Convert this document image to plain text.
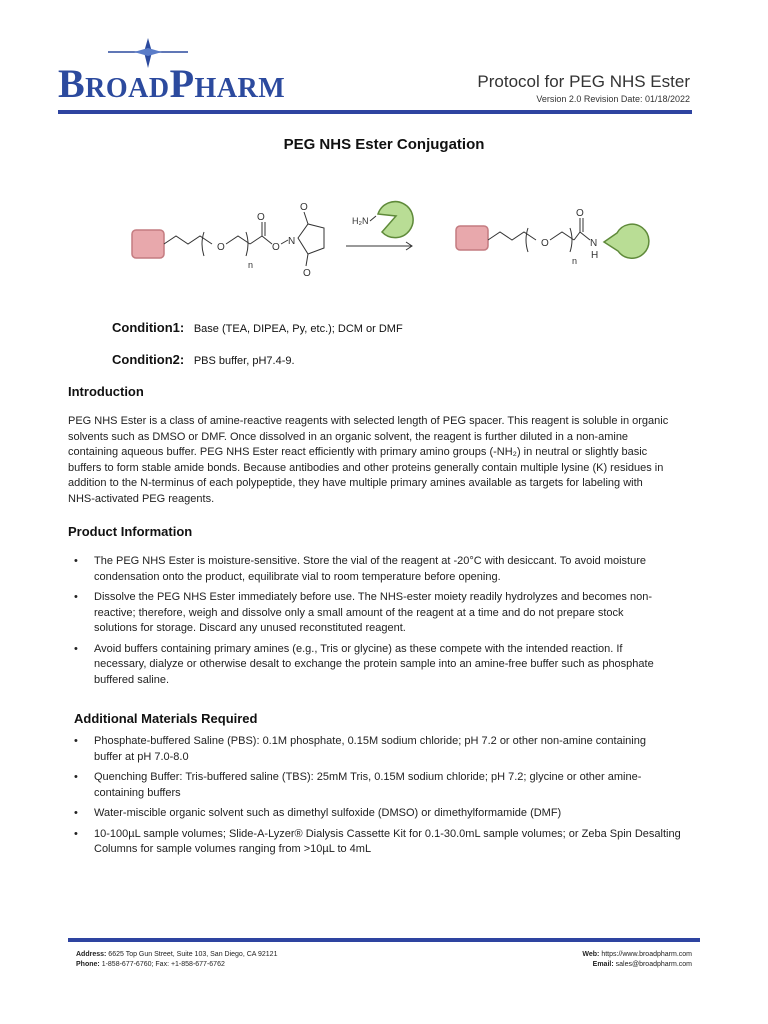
BroadPharm	Protocol for PEG NHS Ester
Version 2.0 Revision Date: 01/18/2022
PEG NHS Ester Conjugation
O
n
O
O
N
O
O
H₂N
O
n
O
N
H
Condition1: Base (TEA, DIPEA, Py, etc.); DCM or DMF
Condition2: PBS buffer, pH7.4-9.
Introduction
PEG NHS Ester is a class of amine-reactive reagents with selected length of PEG spacer. This reagent is soluble in organic
solvents such as DMSO or DMF. Once dissolved in an organic solvent, the reagent is further diluted in a non-amine
containing aqueous buffer. PEG NHS Ester react efficiently with primary amino groups (-NH₂) in neutral or slightly basic
buffers to form stable amide bonds. Because antibodies and other proteins generally contain multiple lysine (K) residues in
addition to the N-terminus of each polypeptide, they have multiple primary amines available as targets for labeling with
NHS-activated PEG reagents.
Product Information
• The PEG NHS Ester is moisture-sensitive. Store the vial of the reagent at -20°C with desiccant. To avoid moisture
condensation onto the product, equilibrate vial to room temperature before opening.
• Dissolve the PEG NHS Ester immediately before use. The NHS-ester moiety readily hydrolyzes and becomes non-
reactive; therefore, weigh and dissolve only a small amount of the reagent at a time and do not prepare stock
solutions for storage. Discard any unused reconstituted reagent.
• Avoid buffers containing primary amines (e.g., Tris or glycine) as these compete with the intended reaction. If
necessary, dialyze or otherwise desalt to exchange the protein sample into an amine-free buffer such as phosphate
buffered saline.
Additional Materials Required
• Phosphate-buffered Saline (PBS): 0.1M phosphate, 0.15M sodium chloride; pH 7.2 or other non-amine containing
buffer at pH 7.0-8.0
• Quenching Buffer: Tris-buffered saline (TBS): 25mM Tris, 0.15M sodium chloride; pH 7.2; glycine or other amine-
containing buffers
• Water-miscible organic solvent such as dimethyl sulfoxide (DMSO) or dimethylformamide (DMF)
• 10-100µL sample volumes; Slide-A-Lyzer® Dialysis Cassette Kit for 0.1-30.0mL sample volumes; or Zeba Spin Desalting
Columns for sample volumes ranging from >10µL to 4mL
Address: 6625 Top Gun Street, Suite 103, San Diego, CA 92121
Phone: 1-858-677-6760; Fax: +1-858-677-6762
Web: https://www.broadpharm.com
Email: sales@broadpharm.com
